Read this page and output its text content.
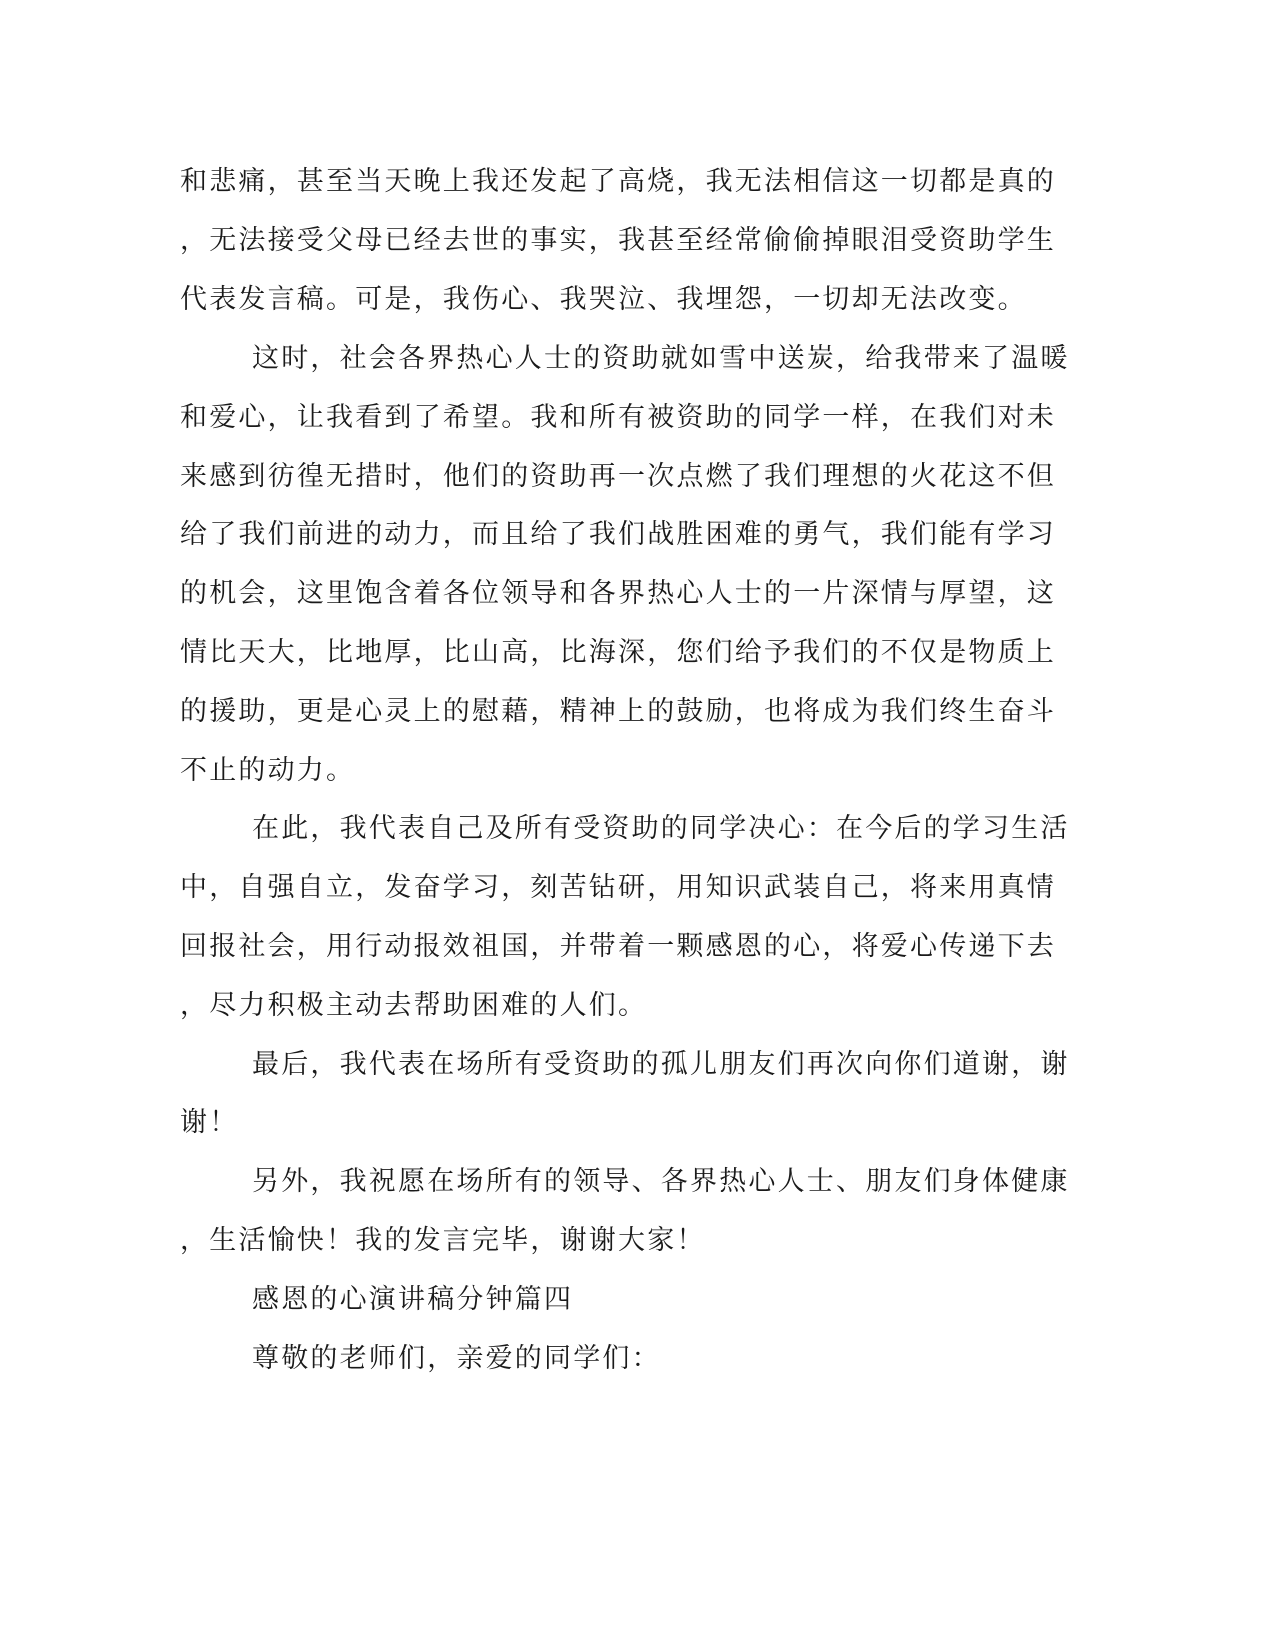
和悲痛，甚至当天晚上我还发起了高烧，我无法相信这一切都是真的
，无法接受父母已经去世的事实，我甚至经常偷偷掉眼泪受资助学生
代表发言稿。可是，我伤心、我哭泣、我埋怨，一切却无法改变。
这时，社会各界热心人士的资助就如雪中送炭，给我带来了温暖
和爱心，让我看到了希望。我和所有被资助的同学一样，在我们对未
来感到彷徨无措时，他们的资助再一次点燃了我们理想的火花这不但
给了我们前进的动力，而且给了我们战胜困难的勇气，我们能有学习
的机会，这里饱含着各位领导和各界热心人士的一片深情与厚望，这
情比天大，比地厚，比山高，比海深，您们给予我们的不仅是物质上
的援助，更是心灵上的慰藉，精神上的鼓励，也将成为我们终生奋斗
不止的动力。
在此，我代表自己及所有受资助的同学决心：在今后的学习生活
中，自强自立，发奋学习，刻苦钻研，用知识武装自己，将来用真情
回报社会，用行动报效祖国，并带着一颗感恩的心，将爱心传递下去
，尽力积极主动去帮助困难的人们。
最后，我代表在场所有受资助的孤儿朋友们再次向你们道谢，谢
谢！
另外，我祝愿在场所有的领导、各界热心人士、朋友们身体健康
，生活愉快！我的发言完毕，谢谢大家！
感恩的心演讲稿分钟篇四
尊敬的老师们，亲爱的同学们：
